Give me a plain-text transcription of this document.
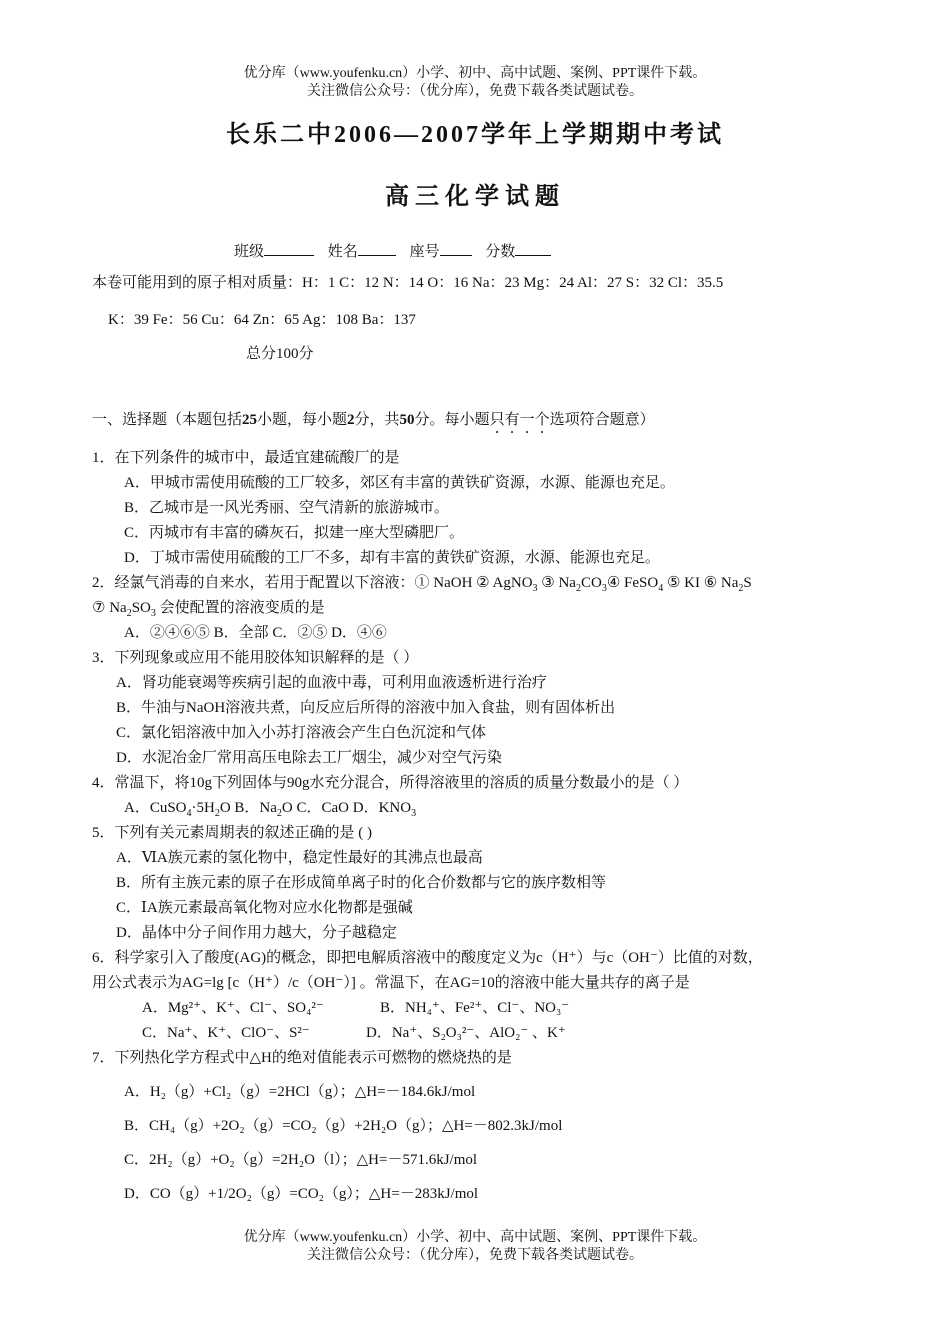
优分库（www.youfenku.cn）小学、初中、高中试题、案例、PPT课件下载。
关注微信公众号：（优分库），免费下载各类试题试卷。
长乐二中2006—2007学年上学期期中考试
高三化学试题
班级	姓名	座号	分数
本卷可能用到的原子相对质量：H：1 C：12 N：14 O：16 Na：23 Mg：24 Al：27 S：32 Cl：35.5
K：39 Fe：56 Cu：64 Zn：65 Ag：108 Ba：137
总分100分
一、选择题（本题包括25小题，每小题2分，共50分。每小题只有一个选项符合题意）
1．在下列条件的城市中，最适宜建硫酸厂的是
A．甲城市需使用硫酸的工厂较多，郊区有丰富的黄铁矿资源，水源、能源也充足。
B．乙城市是一风光秀丽、空气清新的旅游城市。
C．丙城市有丰富的磷灰石，拟建一座大型磷肥厂。
D．丁城市需使用硫酸的工厂不多，却有丰富的黄铁矿资源，水源、能源也充足。
2．经氯气消毒的自来水，若用于配置以下溶液：① NaOH ② AgNO$_3$ ③ $Na_2CO_3④$ FeSO$_4$ ⑤ KI ⑥ $Na_2S$
⑦ $Na_2SO_3$ 会使配置的溶液变质的是
A．②④⑥⑤ B．全部 C．②⑤ D．④⑥
3．下列现象或应用不能用胶体知识解释的是（ ）
A．肾功能衰竭等疾病引起的血液中毒，可利用血液透析进行治疗
B．牛油与NaOH溶液共煮，向反应后所得的溶液中加入食盐，则有固体析出
C．氯化铝溶液中加入小苏打溶液会产生白色沉淀和气体
D．水泥冶金厂常用高压电除去工厂烟尘，减少对空气污染
4．常温下，将10g下列固体与90g水充分混合，所得溶液里的溶质的质量分数最小的是（ ）
A．$CuSO_4\cdot 5H_2O$ B．$Na_2O$ C．CaO D．$KNO_3$
5．下列有关元素周期表的叙述正确的是 ( )
A．ⅥA族元素的氢化物中，稳定性最好的其沸点也最高
B．所有主族元素的原子在形成简单离子时的化合价数都与它的族序数相等
C．ⅠA族元素最高氧化物对应水化物都是强碱
D．晶体中分子间作用力越大，分子越稳定
6．科学家引入了酸度(AG)的概念，即把电解质溶液中的酸度定义为c（H⁺）与c（OH⁻）比值的对数，
用公式表示为AG=lg [c（H⁺）/c（OH⁻）] 。常温下，在AG=10的溶液中能大量共存的离子是
A．Mg²⁺、K⁺、Cl⁻、SO₄²⁻	B．NH₄⁺、Fe²⁺、Cl⁻、NO₃⁻
C．Na⁺、K⁺、ClO⁻、S²⁻	D．Na⁺、S₂O₃²⁻、AlO₂⁻ 、K⁺
7．下列热化学方程式中△H的绝对值能表示可燃物的燃烧热的是
A．H₂（g）+Cl₂（g）=2HCl（g）；△H=－184.6kJ/mol
B．CH₄（g）+2O₂（g）=CO₂（g）+2H₂O（g）；△H=－802.3kJ/mol
C．2H₂（g）+O₂（g）=2H₂O（l）；△H=－571.6kJ/mol
D．CO（g）+1/2O₂（g）=CO₂（g）；△H=－283kJ/mol
优分库（www.youfenku.cn）小学、初中、高中试题、案例、PPT课件下载。
关注微信公众号：（优分库），免费下载各类试题试卷。
